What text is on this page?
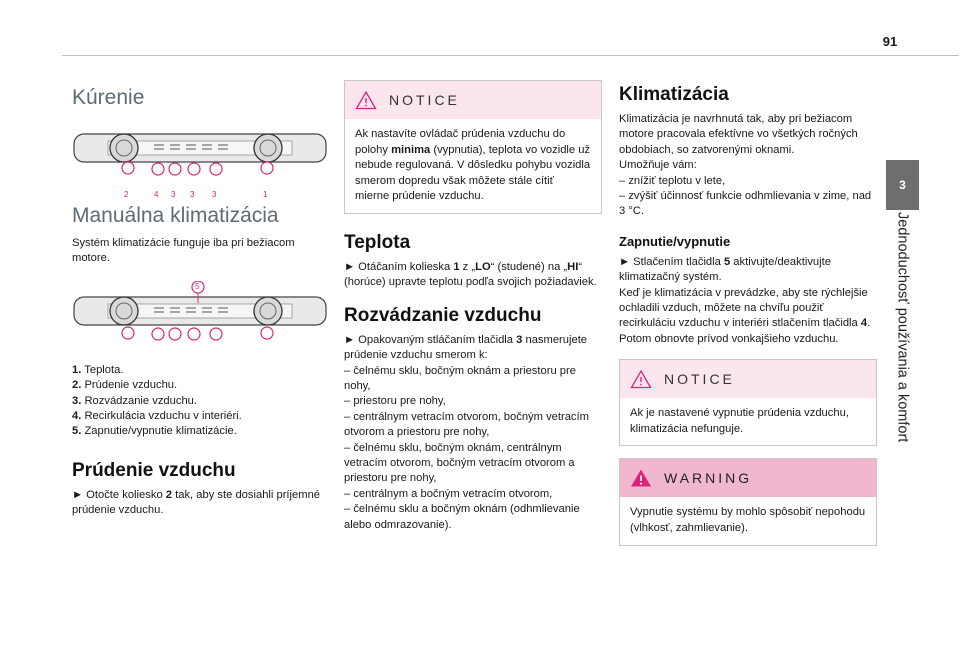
91
3
Jednoduchosť používania a komfort
Kúrenie
2	4 3 3 3	1
Manuálna klimatizácia

Systém klimatizácie funguje iba pri bežiacom motore.

5
1. Teplota.
2. Prúdenie vzduchu.
3. Rozvádzanie vzduchu.
4. Recirkulácia vzduchu v interiéri.
5. Zapnutie/vypnutie klimatizácie.
Prúdenie vzduchu

► Otočte koliesko 2 tak, aby ste dosiahli príjemné prúdenie vzduchu.

NOTICE
Ak nastavíte ovládač prúdenia vzduchu do polohy minima (vypnutia), teplota vo vozidle už nebude regulovaná. V dôsledku pohybu vozidla smerom dopredu však môžete stále cítiť mierne prúdenie vzduchu.
Teplota

► Otáčaním kolieska 1 z „LO“ (studené) na „HI“ (horúce) upravte teplotu podľa svojich požiadaviek.

Rozvádzanie vzduchu

► Opakovaným stláčaním tlačidla 3 nasmerujete prúdenie vzduchu smerom k:

– čelnému sklu, bočným oknám a priestoru pre nohy,
– priestoru pre nohy,
– centrálnym vetracím otvorom, bočným vetracím otvorom a priestoru pre nohy,
– čelnému sklu, bočným oknám, centrálnym vetracím otvorom, bočným vetracím otvorom a priestoru pre nohy,
– centrálnym a bočným vetracím otvorom,
– čelnému sklu a bočným oknám (odhmlievanie alebo odmrazovanie).
Klimatizácia

Klimatizácia je navrhnutá tak, aby pri bežiacom motore pracovala efektívne vo všetkých ročných obdobiach, so zatvorenými oknami.

Umožňuje vám:

– znížiť teplotu v lete,
– zvýšiť účinnosť funkcie odhmlievania v zime, nad 3 °C.
Zapnutie/vypnutie

► Stlačením tlačidla 5 aktivujte/deaktivujte klimatizačný systém.

Keď je klimatizácia v prevádzke, aby ste rýchlejšie ochladili vzduch, môžete na chvíľu použiť recirkuláciu vzduchu v interiéri stlačením tlačidla 4. Potom obnovte prívod vonkajšieho vzduchu.

NOTICE
Ak je nastavené vypnutie prúdenia vzduchu, klimatizácia nefunguje.
WARNING
Vypnutie systému by mohlo spôsobiť nepohodu (vlhkosť, zahmlievanie).
